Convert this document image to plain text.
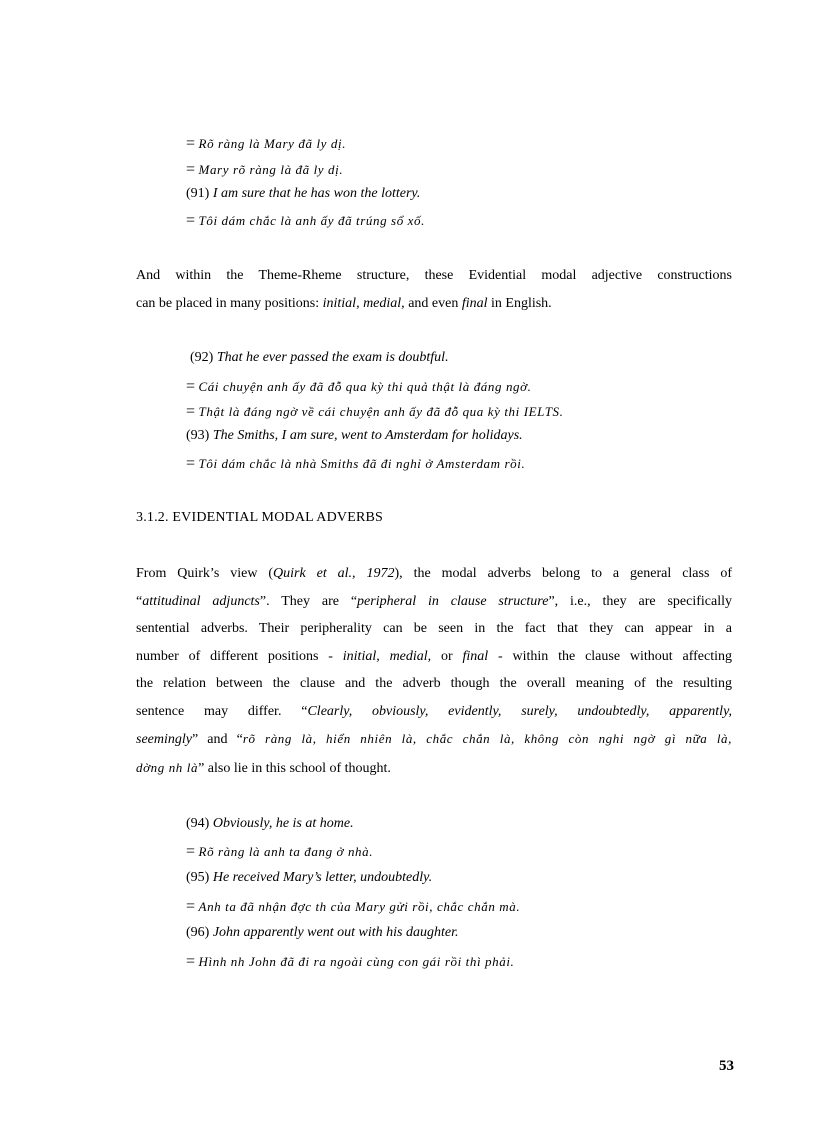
= Rõ ràng là Mary đã ly dị.
= Mary rõ ràng là đã ly dị.
(91) I am sure that he has won the lottery.
= Tôi dám chắc là anh ấy đã trúng sổ xố.
And within the Theme-Rheme structure, these Evidential modal adjective constructions
can be placed in many positions: initial, medial, and even final in English.
(92) That he ever passed the exam is doubtful.
= Cái chuyện anh ấy đã đỗ qua kỳ thi quả thật là đáng ngờ.
= Thật là đáng ngờ về cái chuyện anh ấy đã đỗ qua kỳ thi IELTS.
(93) The Smiths, I am sure, went to Amsterdam for holidays.
= Tôi dám chắc là nhà Smiths đã đi nghỉ ở Amsterdam rồi.
3.1.2. EVIDENTIAL MODAL ADVERBS
From Quirk’s view (Quirk et al., 1972), the modal adverbs belong to a general class of
“attitudinal adjuncts”. They are “peripheral in clause structure”, i.e., they are specifically
sentential adverbs. Their peripherality can be seen in the fact that they can appear in a
number of different positions - initial, medial, or final - within the clause without affecting
the relation between the clause and the adverb though the overall meaning of the resulting
sentence may differ. “Clearly, obviously, evidently, surely, undoubtedly, apparently,
seemingly” and “rõ ràng là, hiển nhiên là, chắc chắn là, không còn nghi ngờ gì nữa là,
dờng nh là” also lie in this school of thought.
(94) Obviously, he is at home.
= Rõ ràng là anh ta đang ở nhà.
(95) He received Mary’s letter, undoubtedly.
= Anh ta đã nhận đợc th của Mary gửi rồi, chắc chắn mà.
(96) John apparently went out with his daughter.
= Hình nh John đã đi ra ngoài cùng con gái rồi thì phải.
53
